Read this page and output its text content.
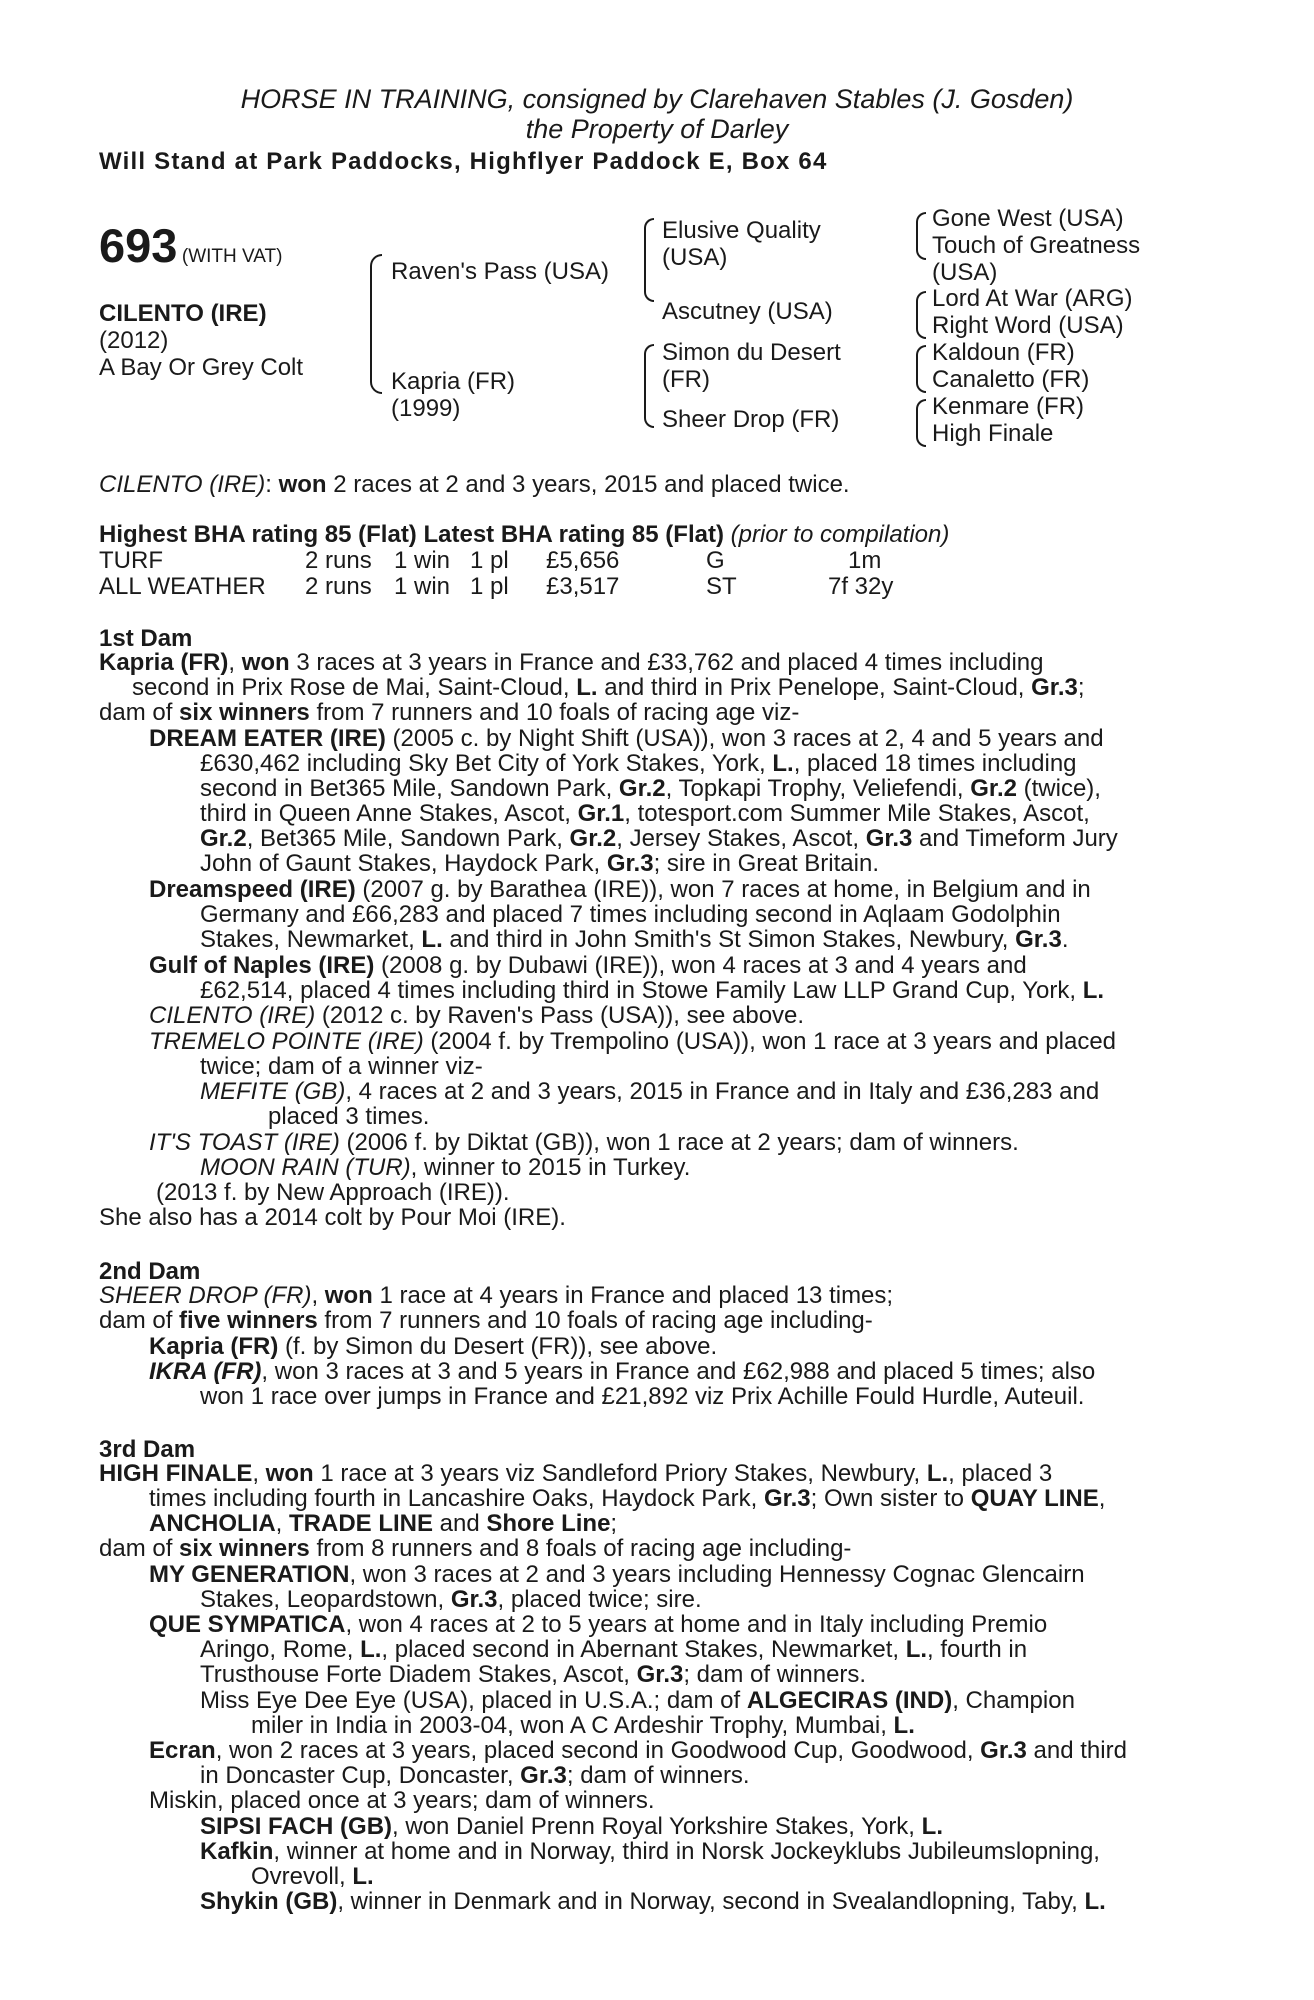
HORSE IN TRAINING, consigned by Clarehaven Stables (J. Gosden)
the Property of Darley
Will Stand at Park Paddocks, Highflyer Paddock E, Box 64
693 (WITH VAT)
CILENTO (IRE)
(2012)
A Bay Or Grey Colt
Raven's Pass (USA)
Kapria (FR)
(1999)
Elusive Quality
(USA)
Ascutney (USA)
Simon du Desert
(FR)
Sheer Drop (FR)
Gone West (USA)
Touch of Greatness
(USA)
Lord At War (ARG)
Right Word (USA)
Kaldoun (FR)
Canaletto (FR)
Kenmare (FR)
High Finale
CILENTO (IRE): won 2 races at 2 and 3 years, 2015 and placed twice.
Highest BHA rating 85 (Flat) Latest BHA rating 85 (Flat) (prior to compilation)
TURF	2 runs 1 win 1 pl £5,656	G	1m
ALL WEATHER 2 runs 1 win 1 pl £3,517	ST	7f 32y
1st Dam
Kapria (FR), won 3 races at 3 years in France and £33,762 and placed 4 times including
second in Prix Rose de Mai, Saint-Cloud, L. and third in Prix Penelope, Saint-Cloud, Gr.3;
dam of six winners from 7 runners and 10 foals of racing age viz-
DREAM EATER (IRE) (2005 c. by Night Shift (USA)), won 3 races at 2, 4 and 5 years and
£630,462 including Sky Bet City of York Stakes, York, L., placed 18 times including
second in Bet365 Mile, Sandown Park, Gr.2, Topkapi Trophy, Veliefendi, Gr.2 (twice),
third in Queen Anne Stakes, Ascot, Gr.1, totesport.com Summer Mile Stakes, Ascot,
Gr.2, Bet365 Mile, Sandown Park, Gr.2, Jersey Stakes, Ascot, Gr.3 and Timeform Jury
John of Gaunt Stakes, Haydock Park, Gr.3; sire in Great Britain.
Dreamspeed (IRE) (2007 g. by Barathea (IRE)), won 7 races at home, in Belgium and in
Germany and £66,283 and placed 7 times including second in Aqlaam Godolphin
Stakes, Newmarket, L. and third in John Smith's St Simon Stakes, Newbury, Gr.3.
Gulf of Naples (IRE) (2008 g. by Dubawi (IRE)), won 4 races at 3 and 4 years and
£62,514, placed 4 times including third in Stowe Family Law LLP Grand Cup, York, L.
CILENTO (IRE) (2012 c. by Raven's Pass (USA)), see above.
TREMELO POINTE (IRE) (2004 f. by Trempolino (USA)), won 1 race at 3 years and placed
twice; dam of a winner viz-
MEFITE (GB), 4 races at 2 and 3 years, 2015 in France and in Italy and £36,283 and
placed 3 times.
IT'S TOAST (IRE) (2006 f. by Diktat (GB)), won 1 race at 2 years; dam of winners.
MOON RAIN (TUR), winner to 2015 in Turkey.
(2013 f. by New Approach (IRE)).
She also has a 2014 colt by Pour Moi (IRE).
2nd Dam
SHEER DROP (FR), won 1 race at 4 years in France and placed 13 times;
dam of five winners from 7 runners and 10 foals of racing age including-
Kapria (FR) (f. by Simon du Desert (FR)), see above.
IKRA (FR), won 3 races at 3 and 5 years in France and £62,988 and placed 5 times; also
won 1 race over jumps in France and £21,892 viz Prix Achille Fould Hurdle, Auteuil.
3rd Dam
HIGH FINALE, won 1 race at 3 years viz Sandleford Priory Stakes, Newbury, L., placed 3
times including fourth in Lancashire Oaks, Haydock Park, Gr.3; Own sister to QUAY LINE,
ANCHOLIA, TRADE LINE and Shore Line;
dam of six winners from 8 runners and 8 foals of racing age including-
MY GENERATION, won 3 races at 2 and 3 years including Hennessy Cognac Glencairn
Stakes, Leopardstown, Gr.3, placed twice; sire.
QUE SYMPATICA, won 4 races at 2 to 5 years at home and in Italy including Premio
Aringo, Rome, L., placed second in Abernant Stakes, Newmarket, L., fourth in
Trusthouse Forte Diadem Stakes, Ascot, Gr.3; dam of winners.
Miss Eye Dee Eye (USA), placed in U.S.A.; dam of ALGECIRAS (IND), Champion
miler in India in 2003-04, won A C Ardeshir Trophy, Mumbai, L.
Ecran, won 2 races at 3 years, placed second in Goodwood Cup, Goodwood, Gr.3 and third
in Doncaster Cup, Doncaster, Gr.3; dam of winners.
Miskin, placed once at 3 years; dam of winners.
SIPSI FACH (GB), won Daniel Prenn Royal Yorkshire Stakes, York, L.
Kafkin, winner at home and in Norway, third in Norsk Jockeyklubs Jubileumslopning,
Ovrevoll, L.
Shykin (GB), winner in Denmark and in Norway, second in Svealandlopning, Taby, L.
